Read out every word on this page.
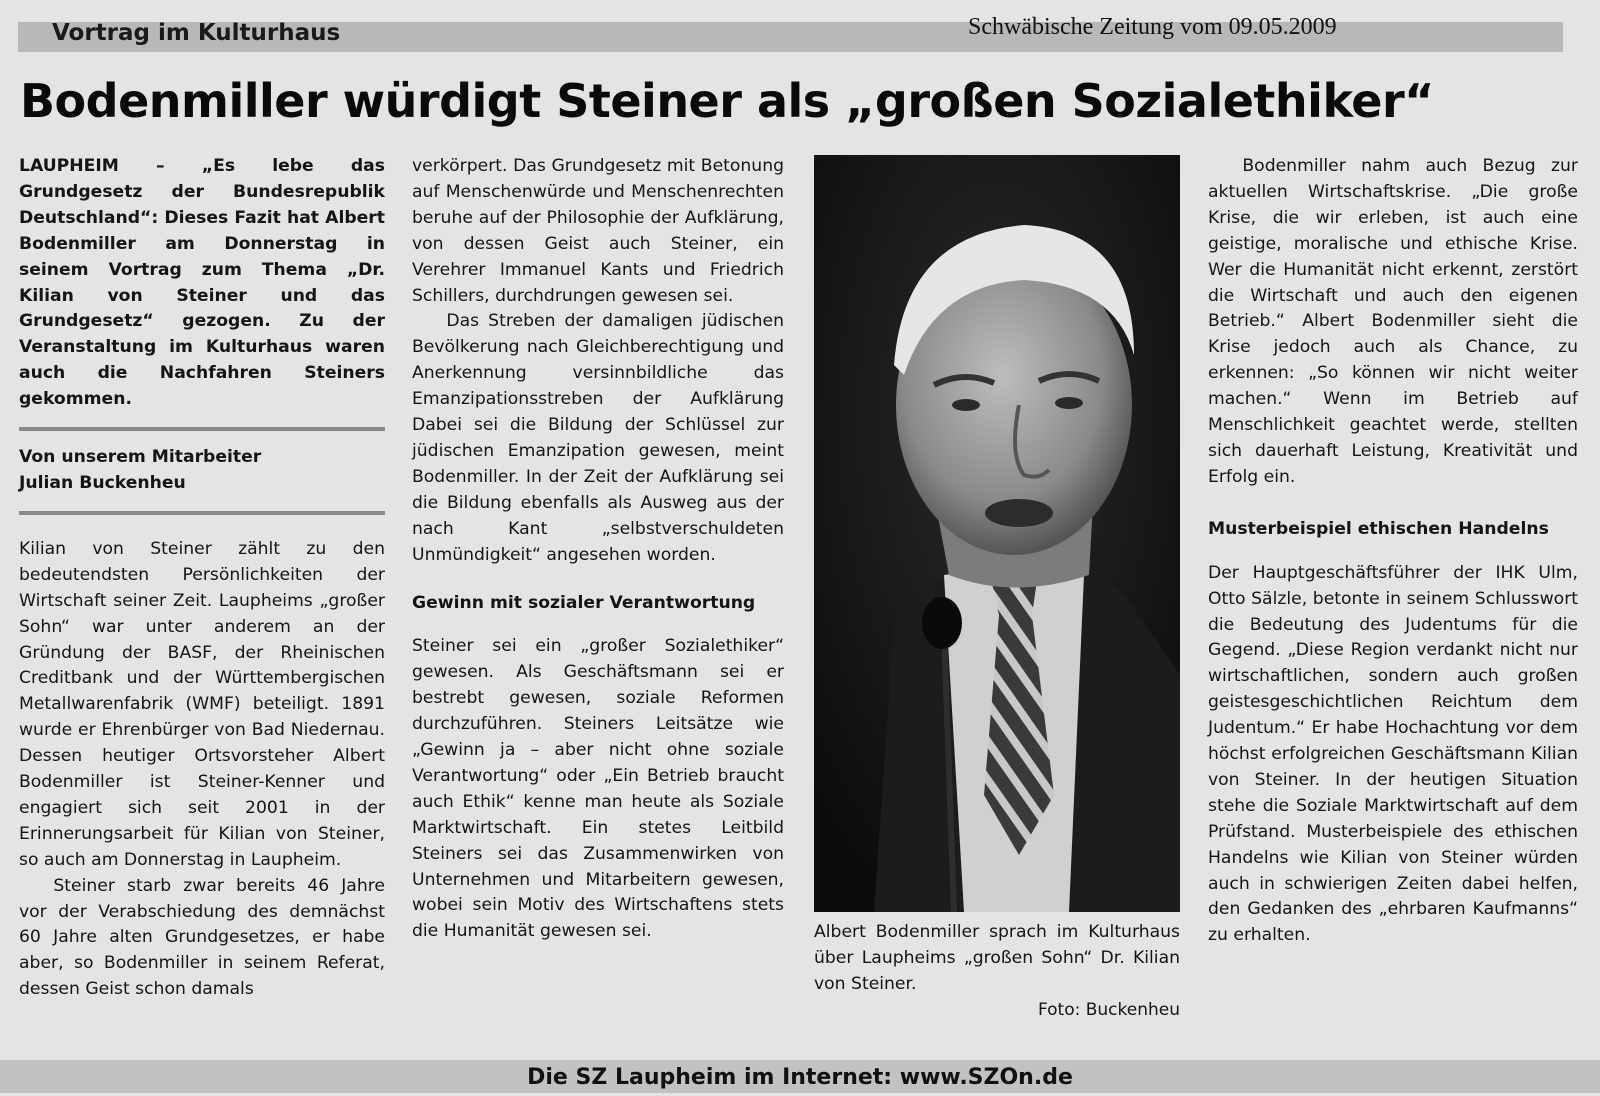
Vortrag im Kulturhaus	Schwäbische Zeitung vom 09.05.2009
Bodenmiller würdigt Steiner als „großen Sozialethiker“

LAUPHEIM – „Es lebe das Grundgesetz der Bundesrepublik Deutschland“: Dieses Fazit hat Albert Bodenmiller am Donnerstag in seinem Vortrag zum Thema „Dr. Kilian von Steiner und das Grundgesetz“ gezogen. Zu der Veranstaltung im Kulturhaus waren auch die Nachfahren Steiners gekommen.

Von unserem Mitarbeiter
Julian Buckenheu

Kilian von Steiner zählt zu den bedeutendsten Persönlichkeiten der Wirtschaft seiner Zeit. Laupheims „großer Sohn“ war unter anderem an der Gründung der BASF, der Rheinischen Creditbank und der Württembergischen Metallwarenfabrik (WMF) beteiligt. 1891 wurde er Ehrenbürger von Bad Niedernau. Dessen heutiger Ortsvorsteher Albert Bodenmiller ist Steiner-Kenner und engagiert sich seit 2001 in der Erinnerungsarbeit für Kilian von Steiner, so auch am Donnerstag in Laupheim.

Steiner starb zwar bereits 46 Jahre vor der Verabschiedung des demnächst 60 Jahre alten Grundgesetzes, er habe aber, so Bodenmiller in seinem Referat, dessen Geist schon damals

verkörpert. Das Grundgesetz mit Betonung auf Menschenwürde und Menschenrechten beruhe auf der Philosophie der Aufklärung, von dessen Geist auch Steiner, ein Verehrer Immanuel Kants und Friedrich Schillers, durchdrungen gewesen sei.

Das Streben der damaligen jüdischen Bevölkerung nach Gleichberechtigung und Anerkennung versinnbildliche das Emanzipationsstreben der Aufklärung Dabei sei die Bildung der Schlüssel zur jüdischen Emanzipation gewesen, meint Bodenmiller. In der Zeit der Aufklärung sei die Bildung ebenfalls als Ausweg aus der nach Kant „selbstverschuldeten Unmündigkeit“ angesehen worden.

Gewinn mit sozialer Verantwortung

Steiner sei ein „großer Sozialethiker“ gewesen. Als Geschäftsmann sei er bestrebt gewesen, soziale Reformen durchzuführen. Steiners Leitsätze wie „Gewinn ja – aber nicht ohne soziale Verantwortung“ oder „Ein Betrieb braucht auch Ethik“ kenne man heute als Soziale Marktwirtschaft. Ein stetes Leitbild Steiners sei das Zusammenwirken von Unternehmen und Mitarbeitern gewesen, wobei sein Motiv des Wirtschaftens stets die Humanität gewesen sei.	Albert Bodenmiller sprach im Kulturhaus über Laupheims „großen Sohn“ Dr. Kilian von Steiner.
Foto: Buckenheu

Bodenmiller nahm auch Bezug zur aktuellen Wirtschaftskrise. „Die große Krise, die wir erleben, ist auch eine geistige, moralische und ethische Krise. Wer die Humanität nicht erkennt, zerstört die Wirtschaft und auch den eigenen Betrieb.“ Albert Bodenmiller sieht die Krise jedoch auch als Chance, zu erkennen: „So können wir nicht weiter machen.“ Wenn im Betrieb auf Menschlichkeit geachtet werde, stellten sich dauerhaft Leistung, Kreativität und Erfolg ein.

Musterbeispiel ethischen Handelns

Der Hauptgeschäftsführer der IHK Ulm, Otto Sälzle, betonte in seinem Schlusswort die Bedeutung des Judentums für die Gegend. „Diese Region verdankt nicht nur wirtschaftlichen, sondern auch großen geistesgeschichtlichen Reichtum dem Judentum.“ Er habe Hochachtung vor dem höchst erfolgreichen Geschäftsmann Kilian von Steiner. In der heutigen Situation stehe die Soziale Marktwirtschaft auf dem Prüfstand. Musterbeispiele des ethischen Handelns wie Kilian von Steiner würden auch in schwierigen Zeiten dabei helfen, den Gedanken des „ehrbaren Kaufmanns“ zu erhalten.

Die SZ Laupheim im Internet: www.SZOn.de
